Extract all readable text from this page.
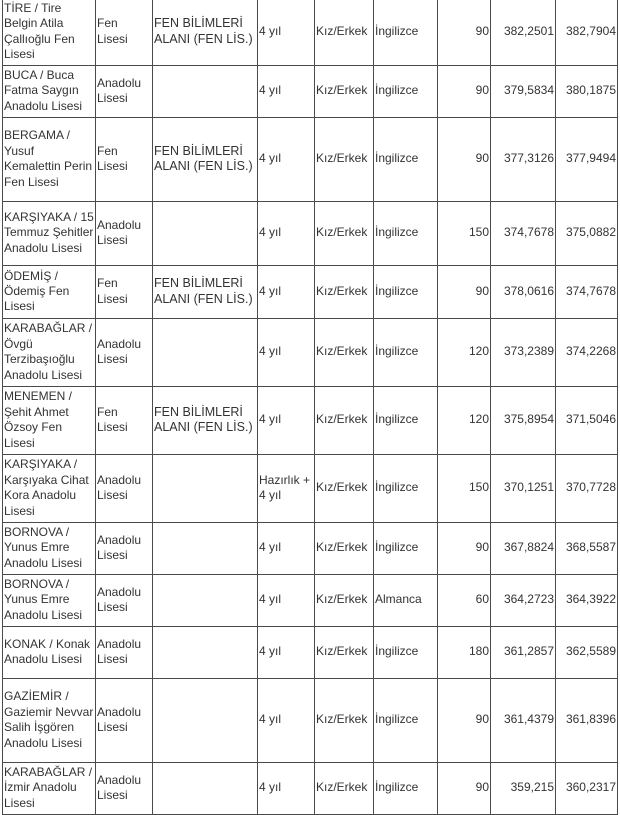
TİRE / Tire Belgin Atila Çallıoğlu Fen Lisesi	Fen Lisesi	FEN BİLİMLERİ ALANI (FEN LİS.)	4 yıl	Kız/Erkek	İngilizce	90	382,2501	382,7904
BUCA / Buca Fatma Saygın Anadolu Lisesi	Anadolu Lisesi		4 yıl	Kız/Erkek	İngilizce	90	379,5834	380,1875
BERGAMA / Yusuf Kemalettin Perin Fen Lisesi	Fen Lisesi	FEN BİLİMLERİ ALANI (FEN LİS.)	4 yıl	Kız/Erkek	İngilizce	90	377,3126	377,9494
KARŞIYAKA / 15 Temmuz Şehitler Anadolu Lisesi	Anadolu Lisesi		4 yıl	Kız/Erkek	İngilizce	150	374,7678	375,0882
ÖDEMİŞ / Ödemiş Fen Lisesi	Fen Lisesi	FEN BİLİMLERİ ALANI (FEN LİS.)	4 yıl	Kız/Erkek	İngilizce	90	378,0616	374,7678
KARABAĞLAR / Övgü Terzibaşıoğlu Anadolu Lisesi	Anadolu Lisesi		4 yıl	Kız/Erkek	İngilizce	120	373,2389	374,2268
MENEMEN / Şehit Ahmet Özsoy Fen Lisesi	Fen Lisesi	FEN BİLİMLERİ ALANI (FEN LİS.)	4 yıl	Kız/Erkek	İngilizce	120	375,8954	371,5046
KARŞIYAKA / Karşıyaka Cihat Kora Anadolu Lisesi	Anadolu Lisesi		Hazırlık + 4 yıl	Kız/Erkek	İngilizce	150	370,1251	370,7728
BORNOVA / Yunus Emre Anadolu Lisesi	Anadolu Lisesi		4 yıl	Kız/Erkek	İngilizce	90	367,8824	368,5587
BORNOVA / Yunus Emre Anadolu Lisesi	Anadolu Lisesi		4 yıl	Kız/Erkek	Almanca	60	364,2723	364,3922
KONAK / Konak Anadolu Lisesi	Anadolu Lisesi		4 yıl	Kız/Erkek	İngilizce	180	361,2857	362,5589
GAZİEMİR / Gaziemir Nevvar Salih İşgören Anadolu Lisesi	Anadolu Lisesi		4 yıl	Kız/Erkek	İngilizce	90	361,4379	361,8396
KARABAĞLAR / İzmir Anadolu Lisesi	Anadolu Lisesi		4 yıl	Kız/Erkek	İngilizce	90	359,215	360,2317
